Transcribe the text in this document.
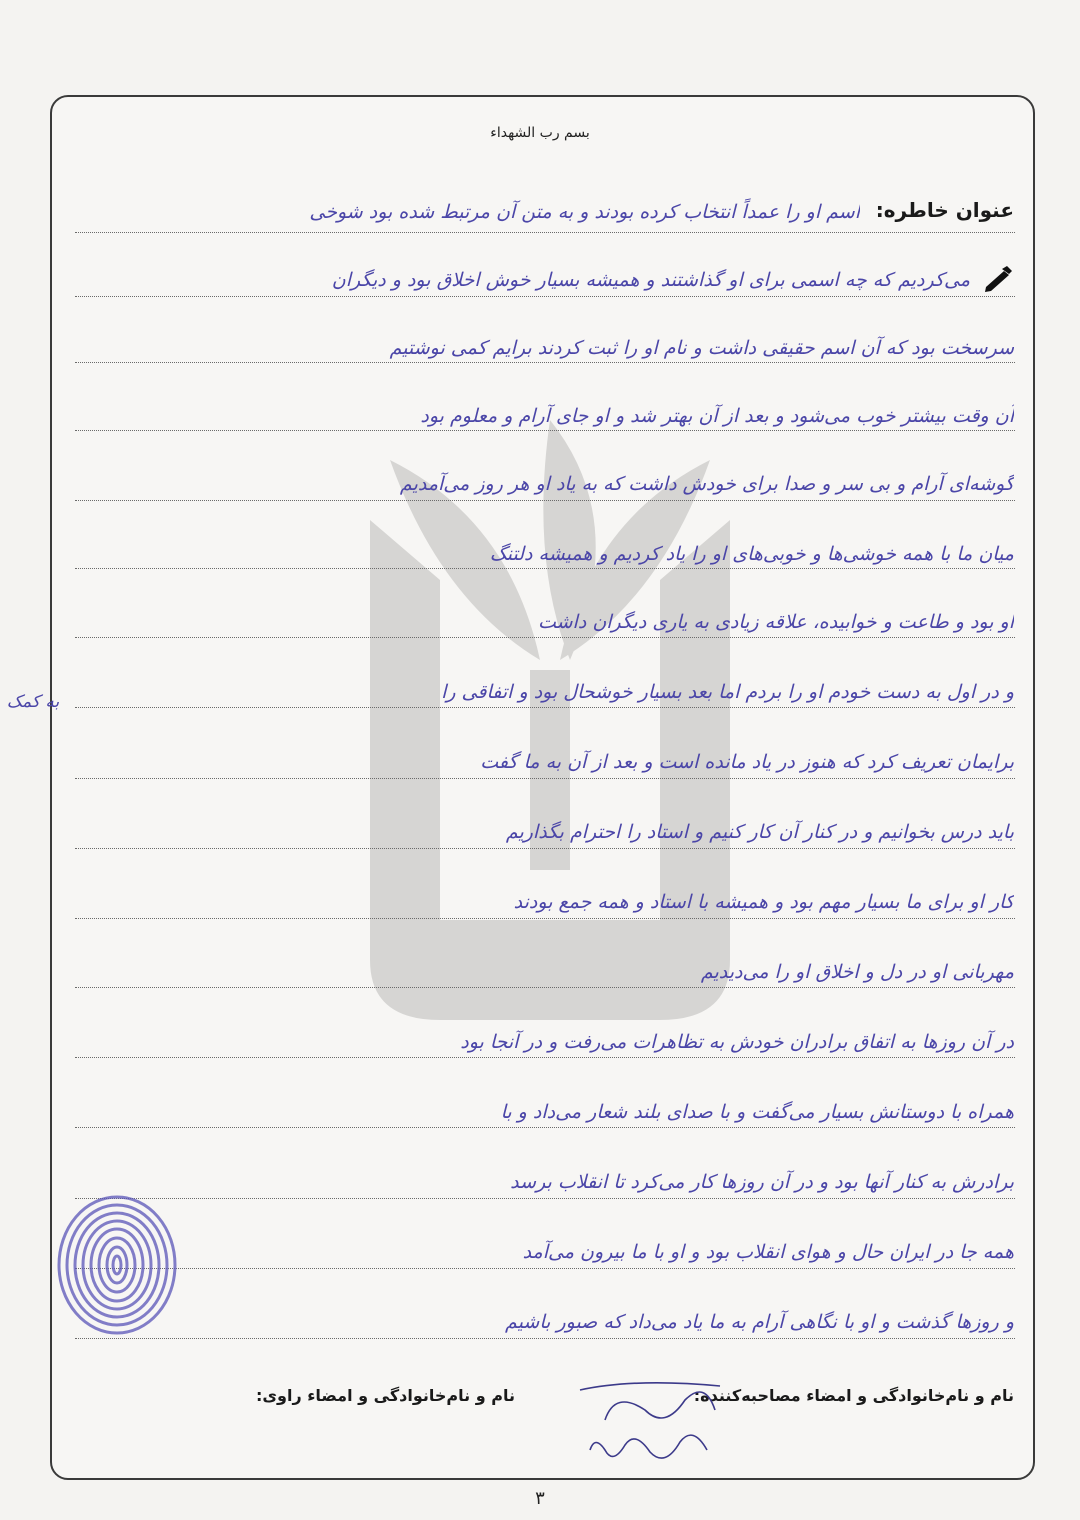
بسم رب الشهداء
عنوان خاطره:
اسم او را عمداً انتخاب کرده بودند و به متن آن مرتبط شده بود شوخی
می‌کردیم که چه اسمی برای او گذاشتند و همیشه بسیار خوش اخلاق بود و دیگران
سرسخت بود که آن اسم حقیقی داشت و نام او را ثبت کردند برایم کمی نوشتیم
آن وقت بیشتر خوب می‌شود و بعد از آن بهتر شد و او جای آرام و معلوم بود
گوشه‌ای آرام و بی سر و صدا برای خودش داشت که به یاد او هر روز می‌آمدیم
میان ما با همه خوشی‌ها و خوبی‌های او را یاد کردیم و همیشه دلتنگ
او بود و طاعت و خوابیده، علاقه زیادی به یاری دیگران داشت
و در اول به دست خودم او را بردم اما بعد بسیار خوشحال بود و اتفاقی را
برایمان تعریف کرد که هنوز در یاد مانده است و بعد از آن به ما گفت
باید درس بخوانیم و در کنار آن کار کنیم و استاد را احترام بگذاریم
کار او برای ما بسیار مهم بود و همیشه با استاد و همه جمع بودند
مهربانی او در دل و اخلاق او را می‌دیدیم
در آن روزها به اتفاق برادران خودش به تظاهرات می‌رفت و در آنجا بود
همراه با دوستانش بسیار می‌گفت و با صدای بلند شعار می‌داد و با
برادرش به کنار آنها بود و در آن روزها کار می‌کرد تا انقلاب برسد
همه جا در ایران حال و هوای انقلاب بود و او با ما بیرون می‌آمد
و روزها گذشت و او با نگاهی آرام به ما یاد می‌داد که صبور باشیم
به کمک
نام و نام‌خانوادگی و امضاء مصاحبه‌کننده:
نام و نام‌خانوادگی و امضاء راوی:
۳
